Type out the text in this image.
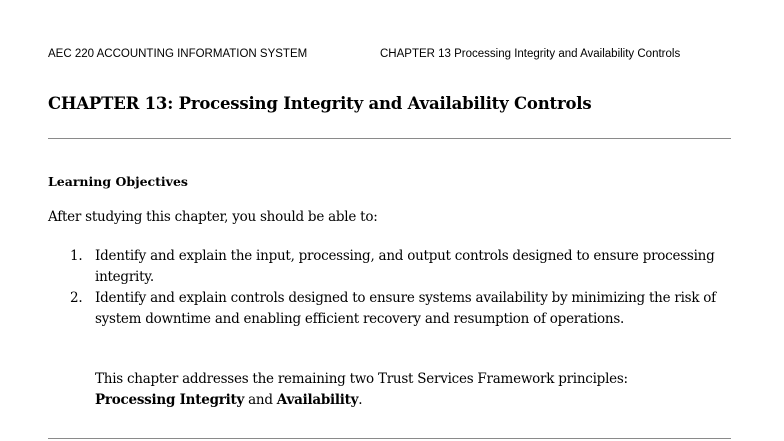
AEC 220 ACCOUNTING INFORMATION SYSTEM	CHAPTER 13 Processing Integrity and Availability Controls
CHAPTER 13: Processing Integrity and Availability Controls
Learning Objectives
After studying this chapter, you should be able to:
1. Identify and explain the input, processing, and output controls designed to ensure processing integrity.
2. Identify and explain controls designed to ensure systems availability by minimizing the risk of system downtime and enabling efficient recovery and resumption of operations.
This chapter addresses the remaining two Trust Services Framework principles:
Processing Integrity and Availability.
